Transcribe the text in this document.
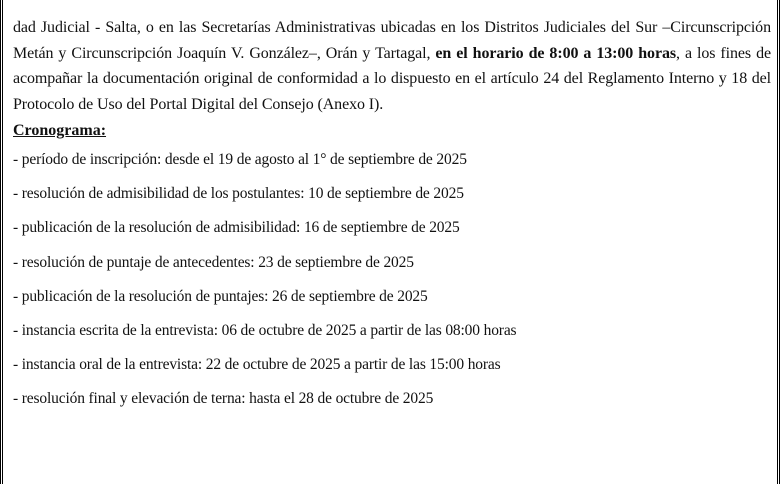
dad Judicial - Salta, o en las Secretarías Administrativas ubicadas en los Distritos Judiciales del Sur –Circunscripción Metán y Circunscripción Joaquín V. González–, Orán y Tartagal, en el horario de 8:00 a 13:00 horas, a los fines de acompañar la documentación original de conformidad a lo dispuesto en el artículo 24 del Reglamento Interno y 18 del Protocolo de Uso del Portal Digital del Consejo (Anexo I).

Cronograma:
- período de inscripción: desde el 19 de agosto al 1° de septiembre de 2025
- resolución de admisibilidad de los postulantes: 10 de septiembre de 2025
- publicación de la resolución de admisibilidad: 16 de septiembre de 2025
- resolución de puntaje de antecedentes: 23 de septiembre de 2025
- publicación de la resolución de puntajes: 26 de septiembre de 2025
- instancia escrita de la entrevista: 06 de octubre de 2025 a partir de las 08:00 horas
- instancia oral de la entrevista: 22 de octubre de 2025 a partir de las 15:00 horas
- resolución final y elevación de terna: hasta el 28 de octubre de 2025
